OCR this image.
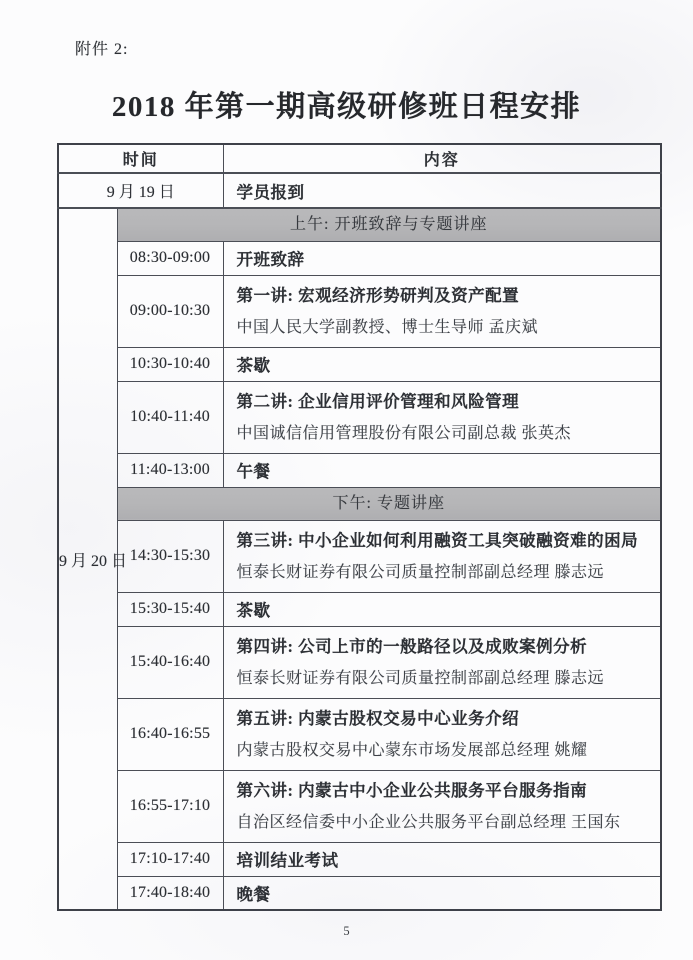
附件 2:
2018 年第一期高级研修班日程安排
时间		内容
9 月 19 日		学员报到

9 月 20 日	上午: 开班致辞与专题讲座	
	08:30-09:00	开班致辞

	09:00-10:30	第一讲: 宏观经济形势研判及资产配置
中国人民大学副教授、博士生导师 孟庆斌

	10:30-10:40	茶歇

	10:40-11:40	第二讲: 企业信用评价管理和风险管理
中国诚信信用管理股份有限公司副总裁 张英杰

	11:40-13:00	午餐

	下午: 专题讲座	
	14:30-15:30	第三讲: 中小企业如何利用融资工具突破融资难的困局
恒泰长财证券有限公司质量控制部副总经理 滕志远

	15:30-15:40	茶歇

	15:40-16:40	第四讲: 公司上市的一般路径以及成败案例分析
恒泰长财证券有限公司质量控制部副总经理 滕志远

	16:40-16:55	第五讲: 内蒙古股权交易中心业务介绍
内蒙古股权交易中心蒙东市场发展部总经理 姚耀

	16:55-17:10	第六讲: 内蒙古中小企业公共服务平台服务指南
自治区经信委中小企业公共服务平台副总经理 王国东

	17:10-17:40	培训结业考试

	17:40-18:40	晚餐
5
